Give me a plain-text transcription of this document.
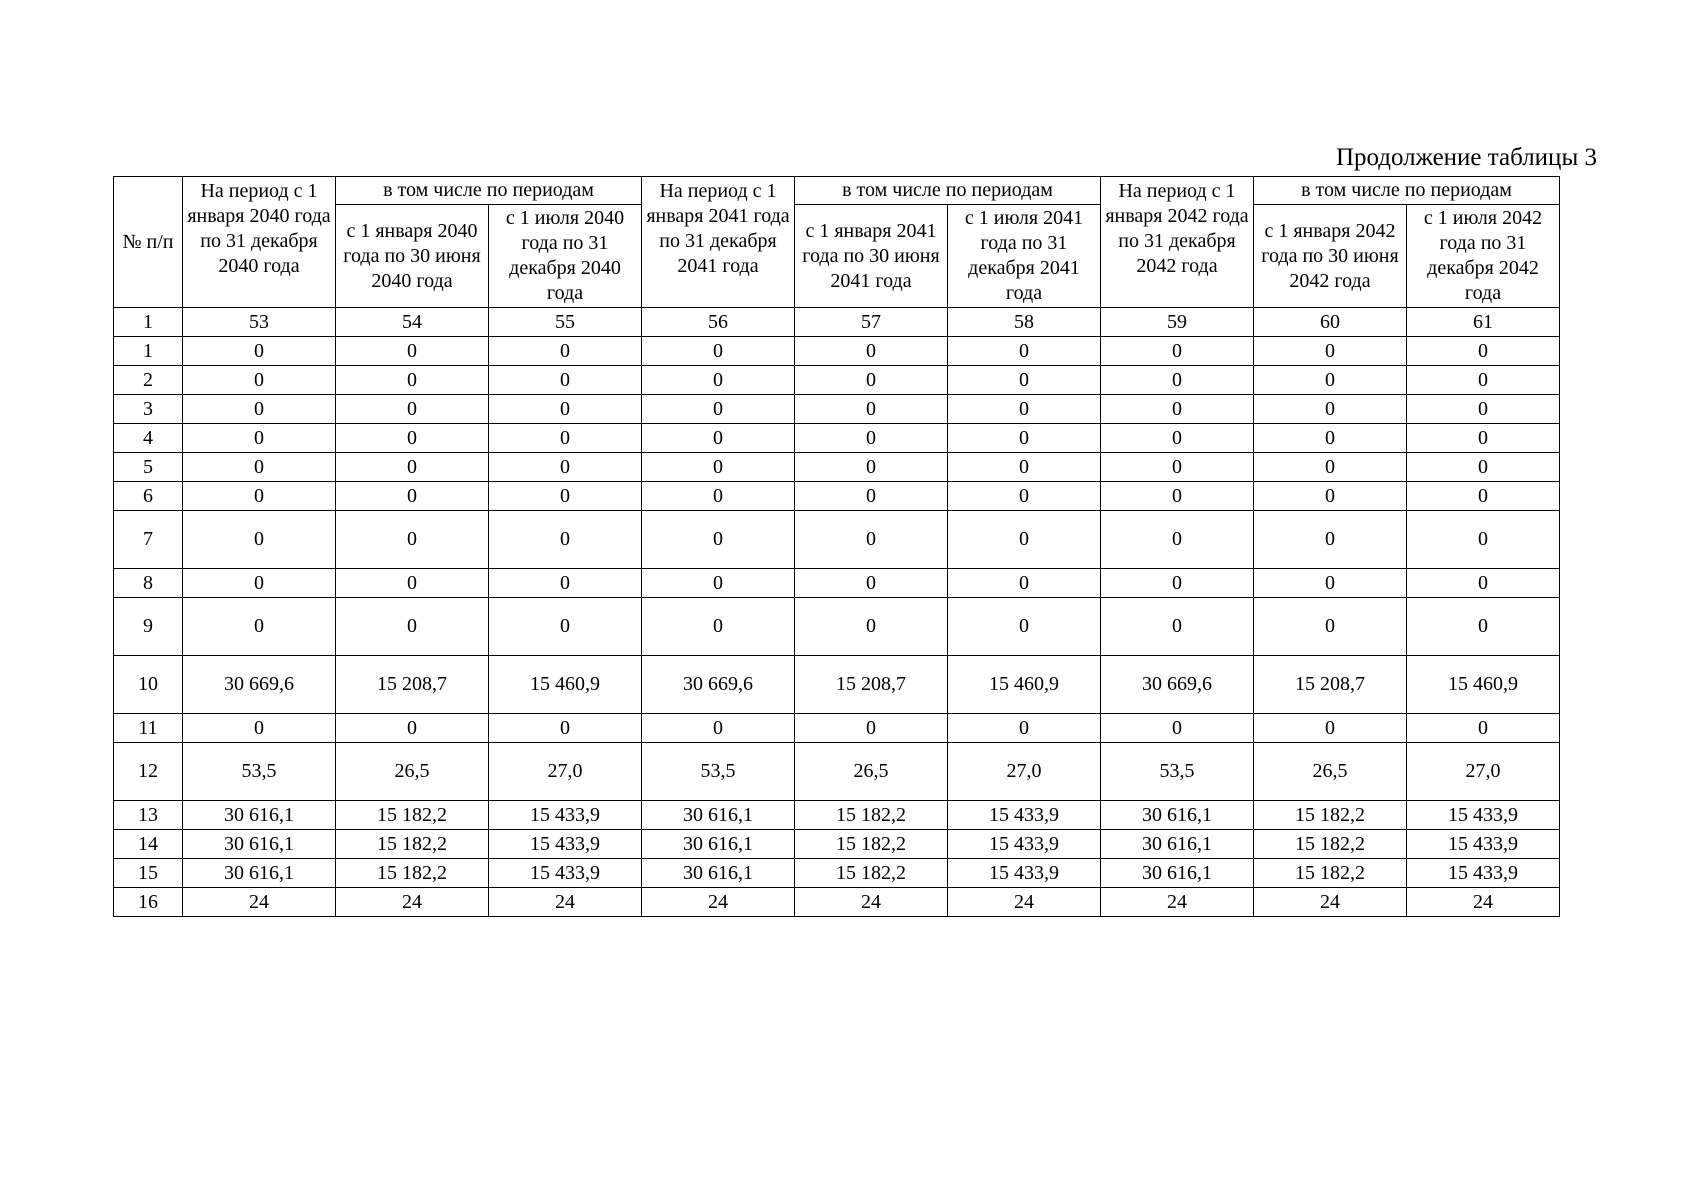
Продолжение таблицы 3
№ п/п	На период с 1 января 2040 года по 31 декабря 2040 года	в том числе по периодам		На период с 1 января 2041 года по 31 декабря 2041 года	в том числе по периодам		На период с 1 января 2042 года по 31 декабря 2042 года	в том числе по периодам	
		с 1 января 2040 года по 30 июня 2040 года	с 1 июля 2040 года по 31 декабря 2040 года		с 1 января 2041 года по 30 июня 2041 года	с 1 июля 2041 года по 31 декабря 2041 года		с 1 января 2042 года по 30 июня 2042 года	с 1 июля 2042 года по 31 декабря 2042 года
1	53	54	55	56	57	58	59	60	61
1	0	0	0	0	0	0	0	0	0
2	0	0	0	0	0	0	0	0	0
3	0	0	0	0	0	0	0	0	0
4	0	0	0	0	0	0	0	0	0
5	0	0	0	0	0	0	0	0	0
6	0	0	0	0	0	0	0	0	0
7	0	0	0	0	0	0	0	0	0
8	0	0	0	0	0	0	0	0	0
9	0	0	0	0	0	0	0	0	0
10	30 669,6	15 208,7	15 460,9	30 669,6	15 208,7	15 460,9	30 669,6	15 208,7	15 460,9
11	0	0	0	0	0	0	0	0	0
12	53,5	26,5	27,0	53,5	26,5	27,0	53,5	26,5	27,0
13	30 616,1	15 182,2	15 433,9	30 616,1	15 182,2	15 433,9	30 616,1	15 182,2	15 433,9
14	30 616,1	15 182,2	15 433,9	30 616,1	15 182,2	15 433,9	30 616,1	15 182,2	15 433,9
15	30 616,1	15 182,2	15 433,9	30 616,1	15 182,2	15 433,9	30 616,1	15 182,2	15 433,9
16	24	24	24	24	24	24	24	24	24
